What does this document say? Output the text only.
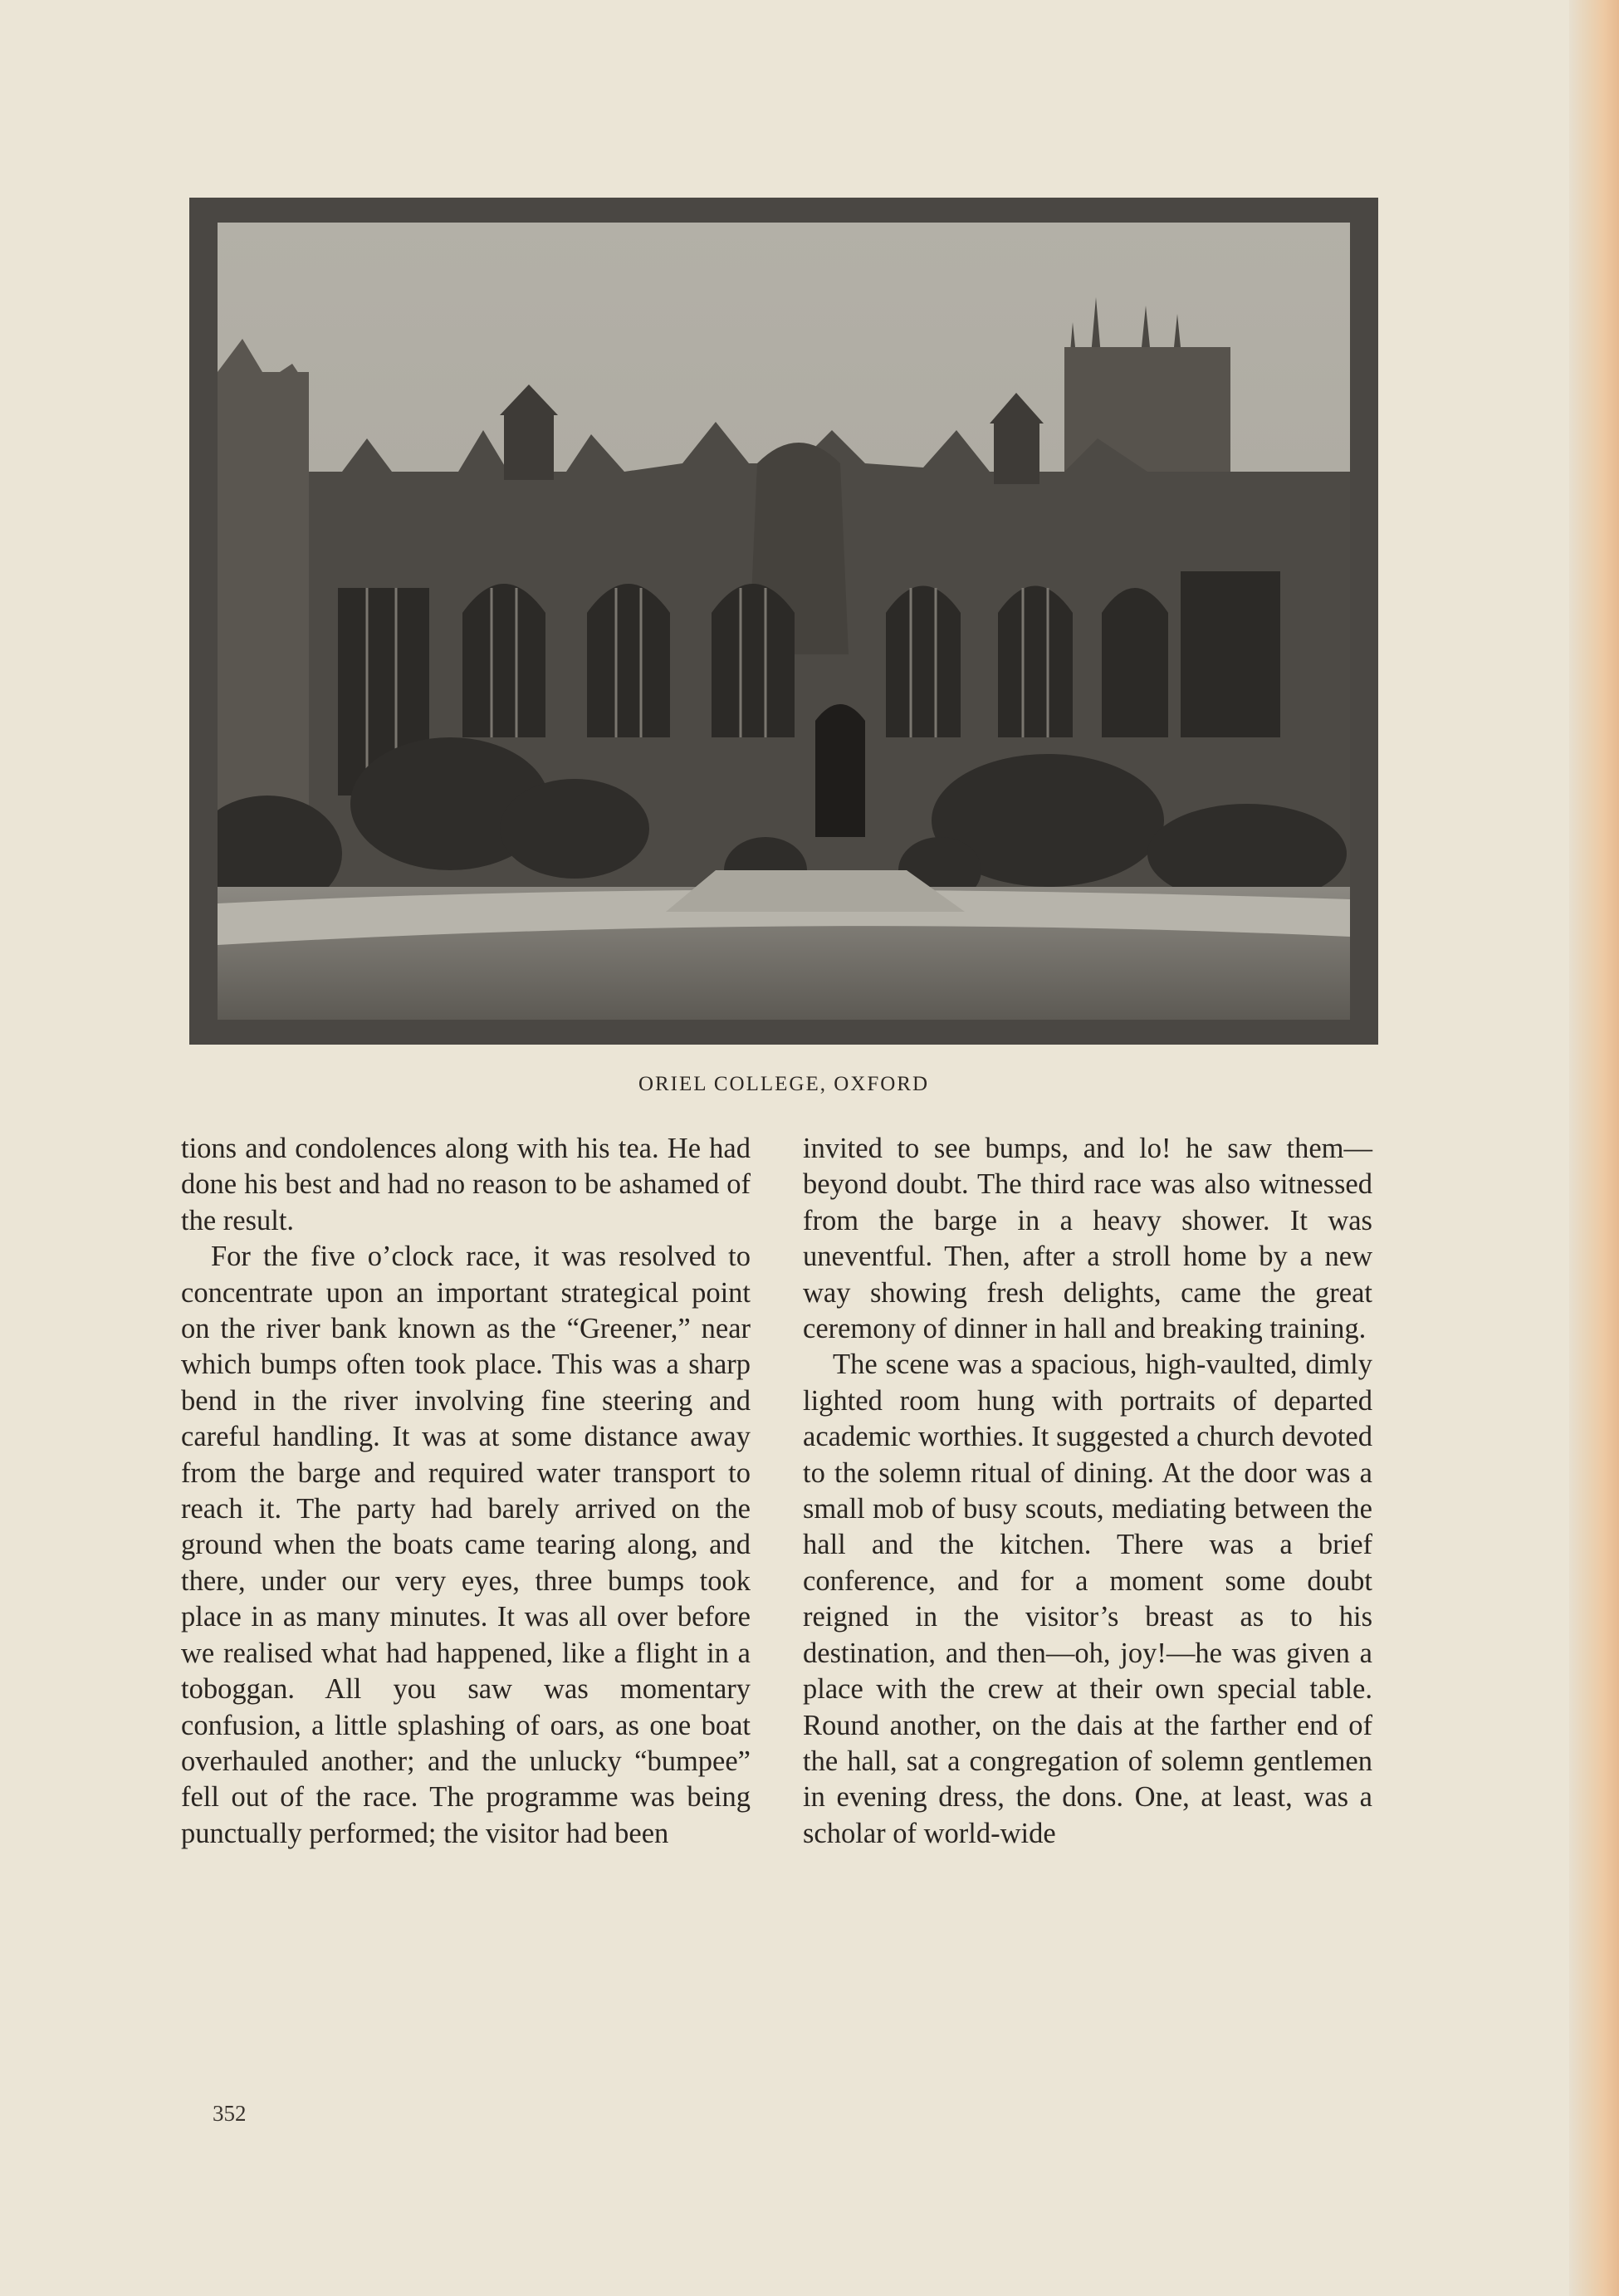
ORIEL COLLEGE, OXFORD

tions and condolences along with his tea. He had done his best and had no reason to be ashamed of the result.

For the five o’clock race, it was resolved to concentrate upon an important strategical point on the river bank known as the “Greener,” near which bumps often took place. This was a sharp bend in the river involving fine steering and careful handling. It was at some distance away from the barge and required water transport to reach it. The party had barely arrived on the ground when the boats came tearing along, and there, under our very eyes, three bumps took place in as many minutes. It was all over before we realised what had happened, like a flight in a toboggan. All you saw was momentary confusion, a little splashing of oars, as one boat overhauled another; and the unlucky “bumpee” fell out of the race. The programme was being punctually performed; the visitor had been

invited to see bumps, and lo! he saw them—beyond doubt. The third race was also witnessed from the barge in a heavy shower. It was uneventful. Then, after a stroll home by a new way showing fresh delights, came the great ceremony of dinner in hall and breaking training.

The scene was a spacious, high-vaulted, dimly lighted room hung with portraits of departed academic worthies. It suggested a church devoted to the solemn ritual of dining. At the door was a small mob of busy scouts, mediating between the hall and the kitchen. There was a brief conference, and for a moment some doubt reigned in the visitor’s breast as to his destination, and then—oh, joy!—he was given a place with the crew at their own special table. Round another, on the dais at the farther end of the hall, sat a congregation of solemn gentlemen in evening dress, the dons. One, at least, was a scholar of world-wide

352
